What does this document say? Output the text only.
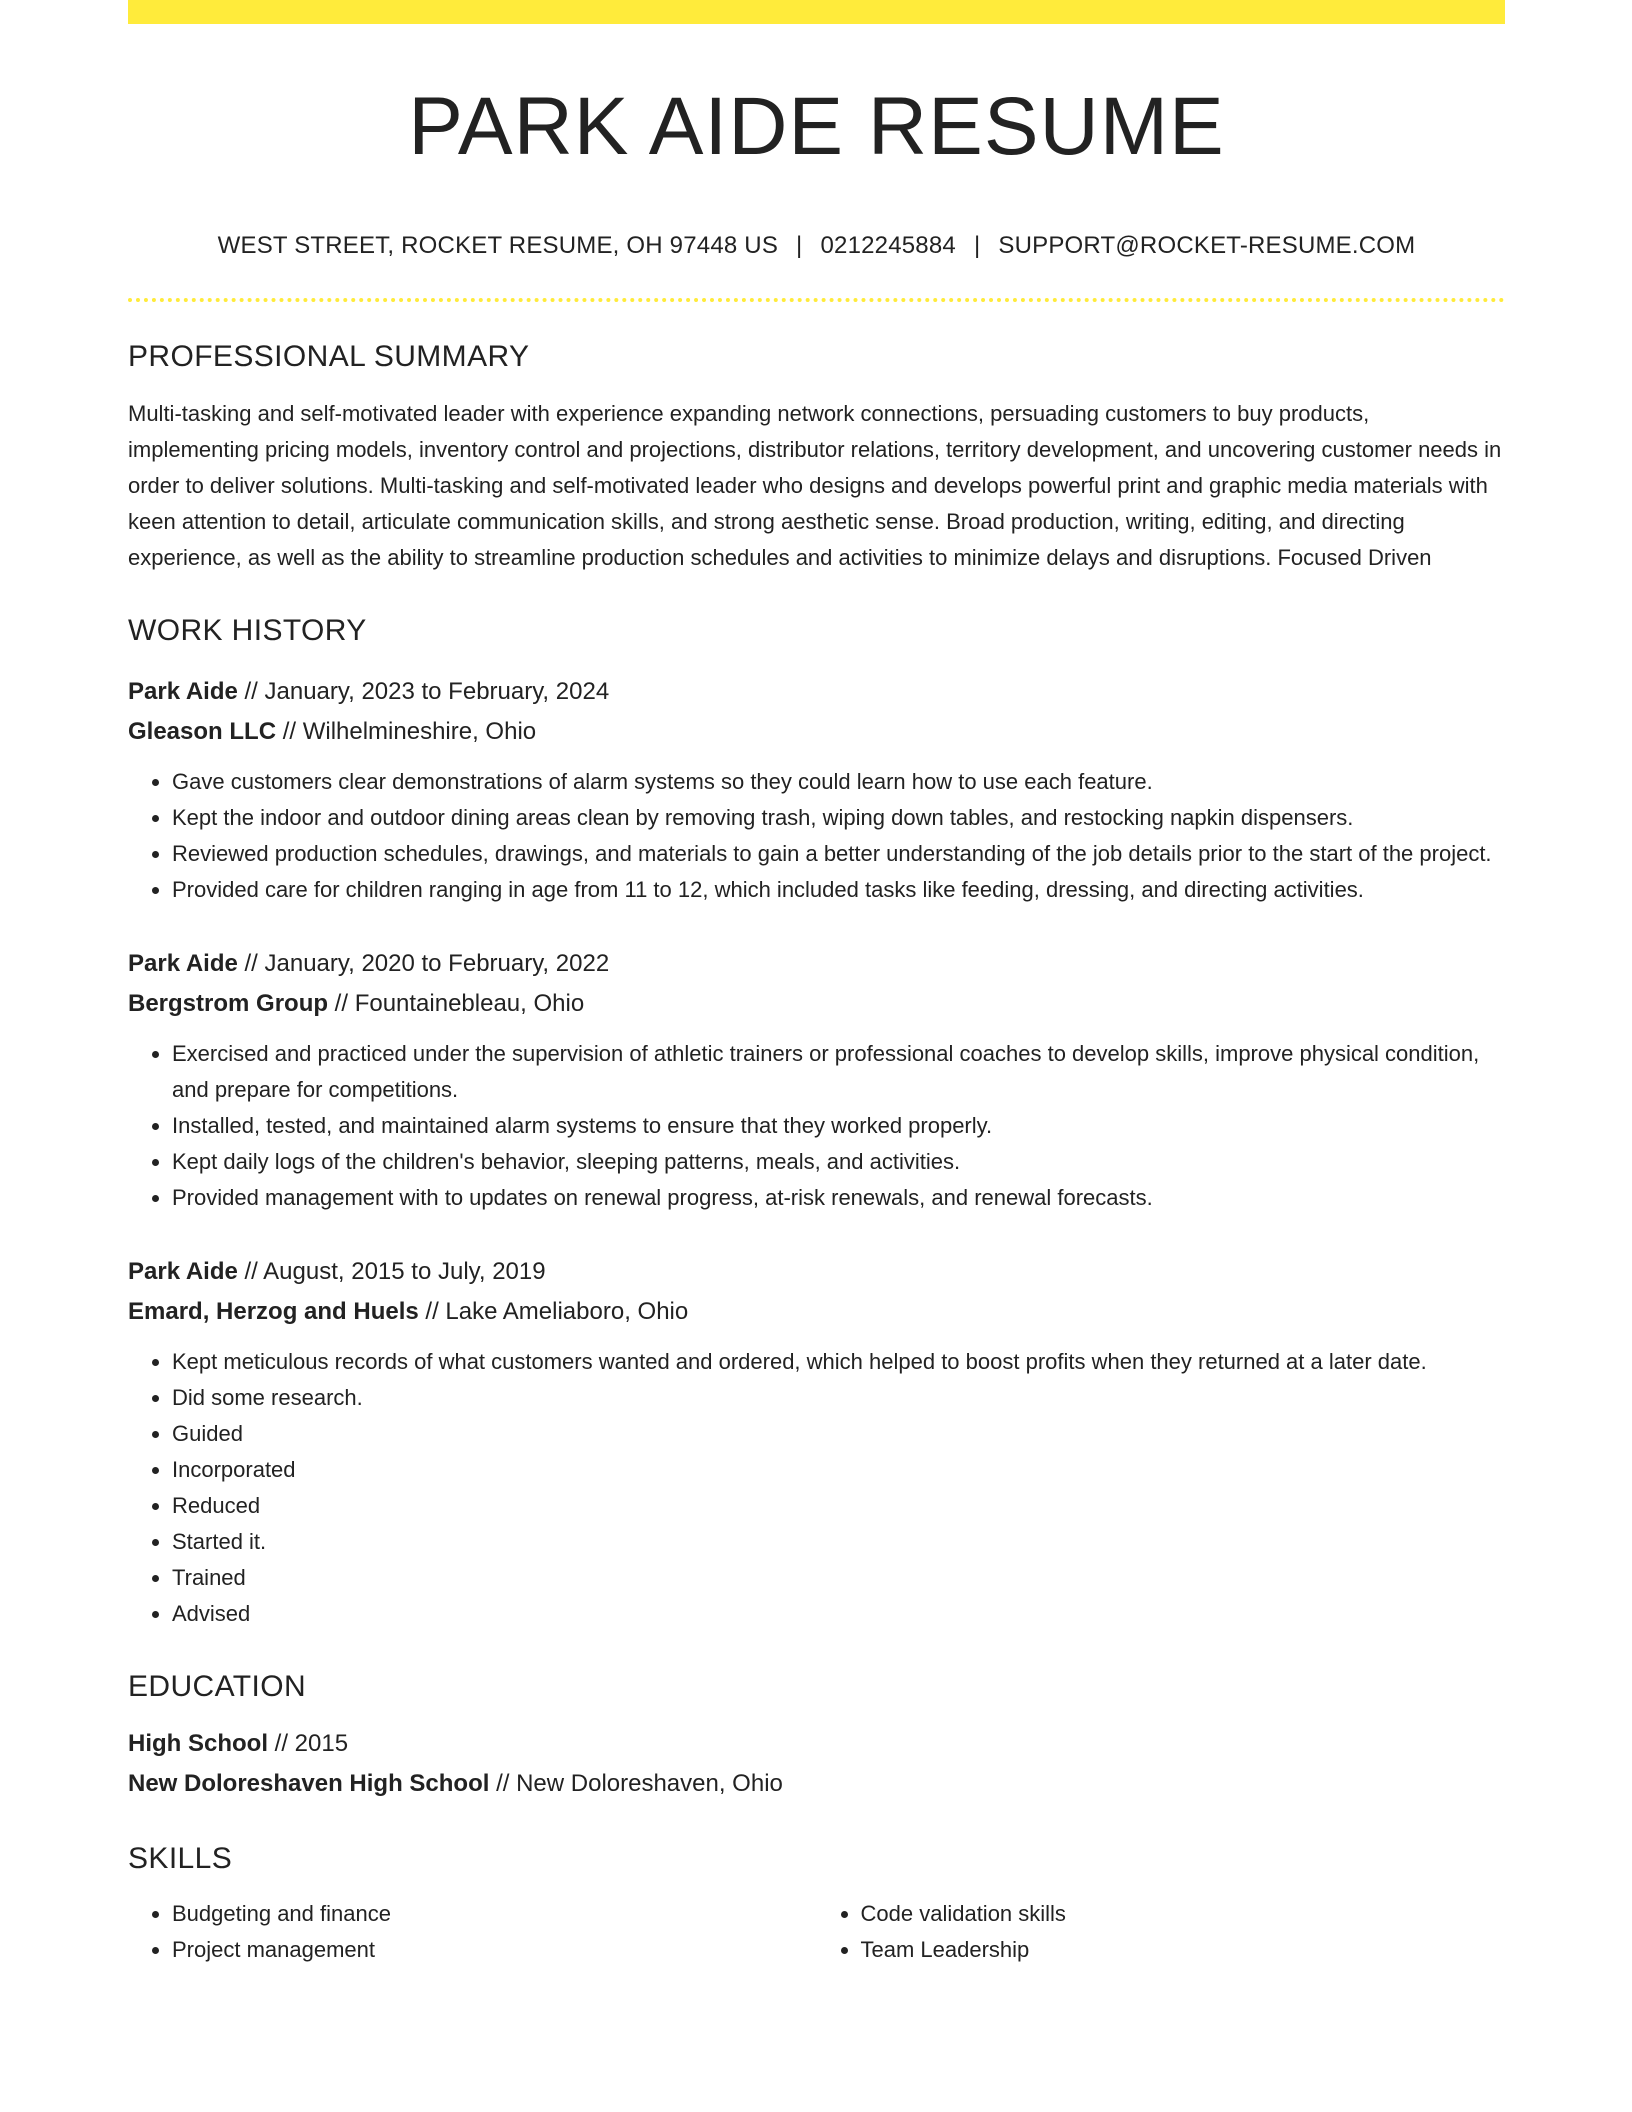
PARK AIDE RESUME
WEST STREET, ROCKET RESUME, OH 97448 US | 0212245884 | SUPPORT@ROCKET-RESUME.COM
PROFESSIONAL SUMMARY
Multi-tasking and self-motivated leader with experience expanding network connections, persuading customers to buy products, implementing pricing models, inventory control and projections, distributor relations, territory development, and uncovering customer needs in order to deliver solutions. Multi-tasking and self-motivated leader who designs and develops powerful print and graphic media materials with keen attention to detail, articulate communication skills, and strong aesthetic sense. Broad production, writing, editing, and directing experience, as well as the ability to streamline production schedules and activities to minimize delays and disruptions. Focused Driven
WORK HISTORY
Park Aide // January, 2023 to February, 2024
Gleason LLC // Wilhelmineshire, Ohio
• Gave customers clear demonstrations of alarm systems so they could learn how to use each feature.
• Kept the indoor and outdoor dining areas clean by removing trash, wiping down tables, and restocking napkin dispensers.
• Reviewed production schedules, drawings, and materials to gain a better understanding of the job details prior to the start of the project.
• Provided care for children ranging in age from 11 to 12, which included tasks like feeding, dressing, and directing activities.
Park Aide // January, 2020 to February, 2022
Bergstrom Group // Fountainebleau, Ohio
• Exercised and practiced under the supervision of athletic trainers or professional coaches to develop skills, improve physical condition, and prepare for competitions.
• Installed, tested, and maintained alarm systems to ensure that they worked properly.
• Kept daily logs of the children's behavior, sleeping patterns, meals, and activities.
• Provided management with to updates on renewal progress, at-risk renewals, and renewal forecasts.
Park Aide // August, 2015 to July, 2019
Emard, Herzog and Huels // Lake Ameliaboro, Ohio
• Kept meticulous records of what customers wanted and ordered, which helped to boost profits when they returned at a later date.
• Did some research.
• Guided
• Incorporated
• Reduced
• Started it.
• Trained
• Advised
EDUCATION
High School // 2015
New Doloreshaven High School // New Doloreshaven, Ohio
SKILLS
• Budgeting and finance
• Project management
• Code validation skills
• Team Leadership
